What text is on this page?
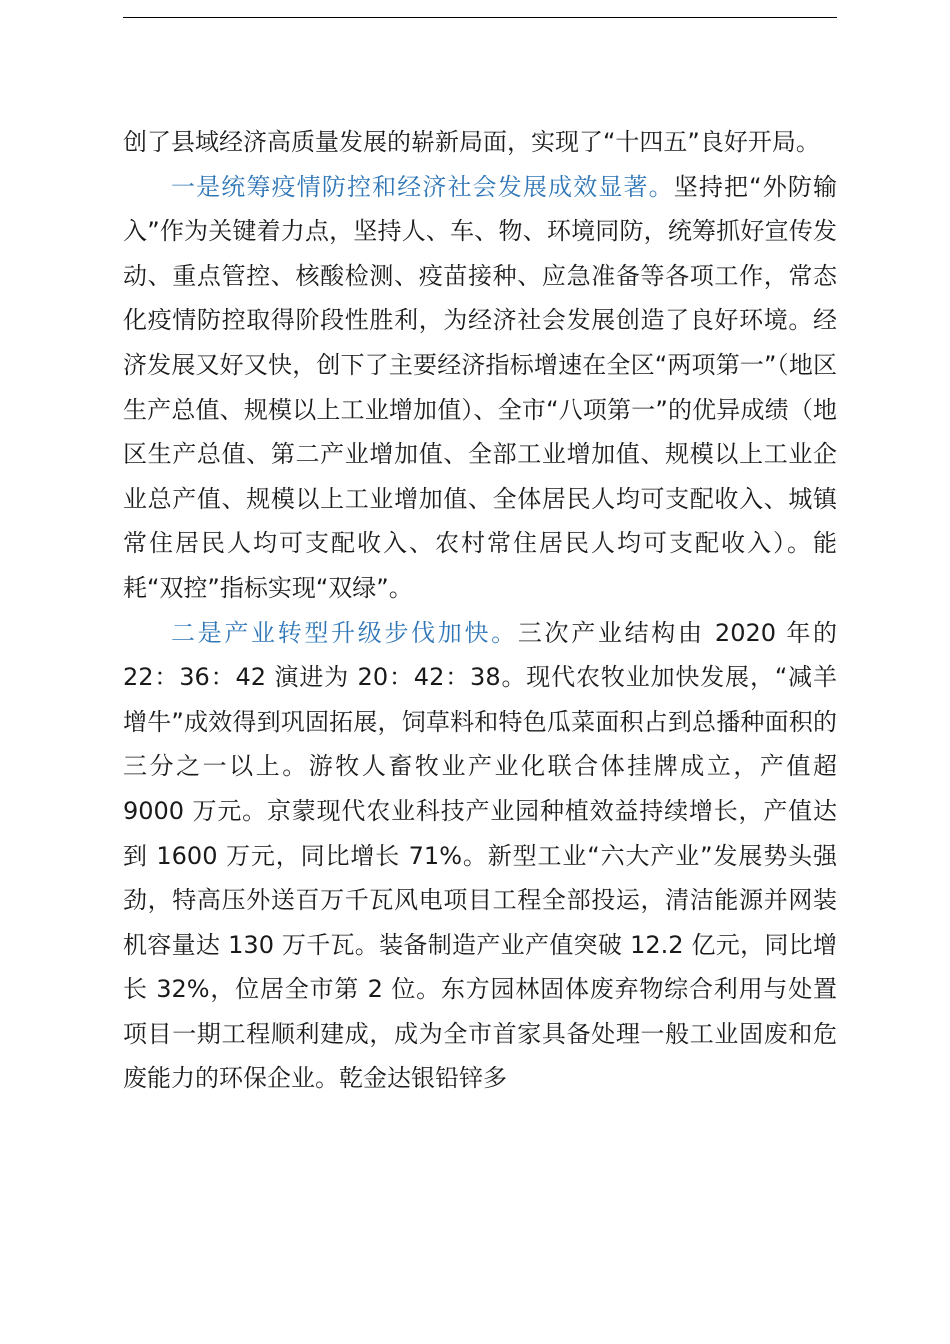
创了县域经济高质量发展的崭新局面，实现了“十四五”良好开局。

一是统筹疫情防控和经济社会发展成效显著。坚持把“外防输入”作为关键着力点，坚持人、车、物、环境同防，统筹抓好宣传发动、重点管控、核酸检测、疫苗接种、应急准备等各项工作，常态化疫情防控取得阶段性胜利，为经济社会发展创造了良好环境。经济发展又好又快，创下了主要经济指标增速在全区“两项第一”（地区生产总值、规模以上工业增加值）、全市“八项第一”的优异成绩（地区生产总值、第二产业增加值、全部工业增加值、规模以上工业企业总产值、规模以上工业增加值、全体居民人均可支配收入、城镇常住居民人均可支配收入、农村常住居民人均可支配收入）。能耗“双控”指标实现“双绿”。

二是产业转型升级步伐加快。三次产业结构由 2020 年的 22：36：42 演进为 20：42：38。现代农牧业加快发展，“减羊增牛”成效得到巩固拓展，饲草料和特色瓜菜面积占到总播种面积的三分之一以上。游牧人畜牧业产业化联合体挂牌成立，产值超 9000 万元。京蒙现代农业科技产业园种植效益持续增长，产值达到 1600 万元，同比增长 71%。新型工业“六大产业”发展势头强劲，特高压外送百万千瓦风电项目工程全部投运，清洁能源并网装机容量达 130 万千瓦。装备制造产业产值突破 12.2 亿元，同比增长 32%，位居全市第 2 位。东方园林固体废弃物综合利用与处置项目一期工程顺利建成，成为全市首家具备处理一般工业固废和危废能力的环保企业。乾金达银铅锌多
